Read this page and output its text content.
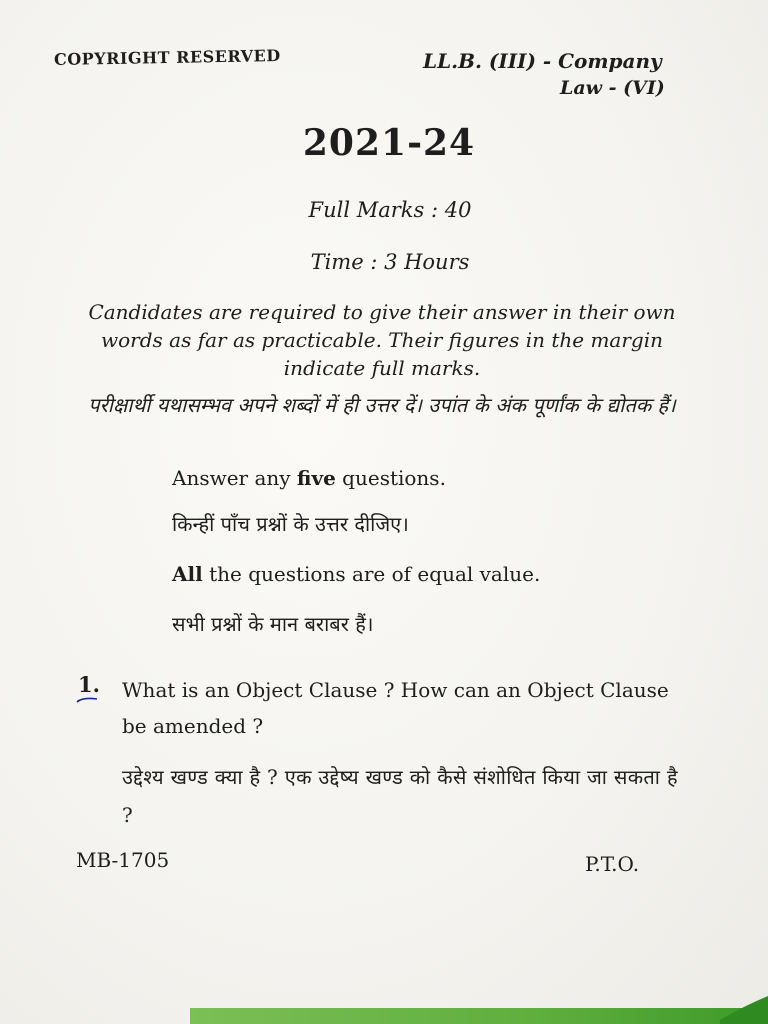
COPYRIGHT RESERVED	LL.B. (III) - Company
Law - (VI)
2021-24
Full Marks : 40
Time : 3 Hours
Candidates are required to give their answer in their own words as far as practicable. Their figures in the margin indicate full marks.
परीक्षार्थी यथासम्भव अपने शब्दों में ही उत्तर दें। उपांत के अंक पूर्णांक के द्योतक हैं।
Answer any five questions.
किन्हीं पाँच प्रश्नों के उत्तर दीजिए।
All the questions are of equal value.
सभी प्रश्नों के मान बराबर हैं।
1. What is an Object Clause ? How can an Object Clause be amended ?
उद्देश्य खण्ड क्या है ? एक उद्देष्य खण्ड को कैसे संशोधित किया जा सकता है ?
MB-1705	P.T.O.
